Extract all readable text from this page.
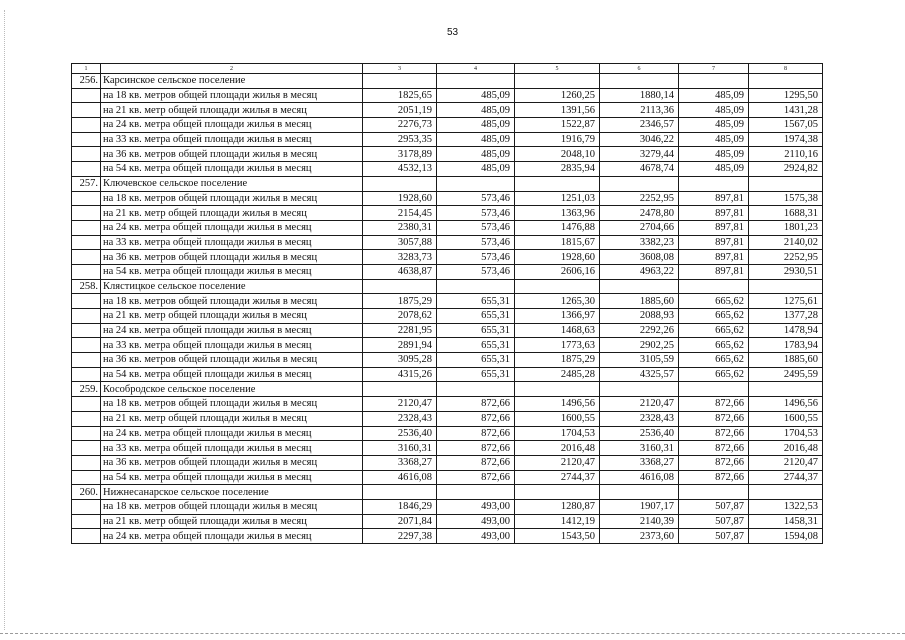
53
1	2	3	4	5	6	7	8
256.	Карсинское сельское поселение						
	на 18 кв. метров общей площади жилья в месяц	1825,65	485,09	1260,25	1880,14	485,09	1295,50
	на 21 кв. метр общей площади жилья в месяц	2051,19	485,09	1391,56	2113,36	485,09	1431,28
	на 24 кв. метра общей площади жилья в месяц	2276,73	485,09	1522,87	2346,57	485,09	1567,05
	на 33 кв. метра общей площади жилья в месяц	2953,35	485,09	1916,79	3046,22	485,09	1974,38
	на 36 кв. метров общей площади жилья в месяц	3178,89	485,09	2048,10	3279,44	485,09	2110,16
	на 54 кв. метра общей площади жилья в месяц	4532,13	485,09	2835,94	4678,74	485,09	2924,82
257.	Ключевское сельское поселение						
	на 18 кв. метров общей площади жилья в месяц	1928,60	573,46	1251,03	2252,95	897,81	1575,38
	на 21 кв. метр общей площади жилья в месяц	2154,45	573,46	1363,96	2478,80	897,81	1688,31
	на 24 кв. метра общей площади жилья в месяц	2380,31	573,46	1476,88	2704,66	897,81	1801,23
	на 33 кв. метра общей площади жилья в месяц	3057,88	573,46	1815,67	3382,23	897,81	2140,02
	на 36 кв. метров общей площади жилья в месяц	3283,73	573,46	1928,60	3608,08	897,81	2252,95
	на 54 кв. метра общей площади жилья в месяц	4638,87	573,46	2606,16	4963,22	897,81	2930,51
258.	Клястицкое сельское поселение						
	на 18 кв. метров общей площади жилья в месяц	1875,29	655,31	1265,30	1885,60	665,62	1275,61
	на 21 кв. метр общей площади жилья в месяц	2078,62	655,31	1366,97	2088,93	665,62	1377,28
	на 24 кв. метра общей площади жилья в месяц	2281,95	655,31	1468,63	2292,26	665,62	1478,94
	на 33 кв. метра общей площади жилья в месяц	2891,94	655,31	1773,63	2902,25	665,62	1783,94
	на 36 кв. метров общей площади жилья в месяц	3095,28	655,31	1875,29	3105,59	665,62	1885,60
	на 54 кв. метра общей площади жилья в месяц	4315,26	655,31	2485,28	4325,57	665,62	2495,59
259.	Кособродское сельское поселение						
	на 18 кв. метров общей площади жилья в месяц	2120,47	872,66	1496,56	2120,47	872,66	1496,56
	на 21 кв. метр общей площади жилья в месяц	2328,43	872,66	1600,55	2328,43	872,66	1600,55
	на 24 кв. метра общей площади жилья в месяц	2536,40	872,66	1704,53	2536,40	872,66	1704,53
	на 33 кв. метра общей площади жилья в месяц	3160,31	872,66	2016,48	3160,31	872,66	2016,48
	на 36 кв. метров общей площади жилья в месяц	3368,27	872,66	2120,47	3368,27	872,66	2120,47
	на 54 кв. метра общей площади жилья в месяц	4616,08	872,66	2744,37	4616,08	872,66	2744,37
260.	Нижнесанарское сельское поселение						
	на 18 кв. метров общей площади жилья в месяц	1846,29	493,00	1280,87	1907,17	507,87	1322,53
	на 21 кв. метр общей площади жилья в месяц	2071,84	493,00	1412,19	2140,39	507,87	1458,31
	на 24 кв. метра общей площади жилья в месяц	2297,38	493,00	1543,50	2373,60	507,87	1594,08
